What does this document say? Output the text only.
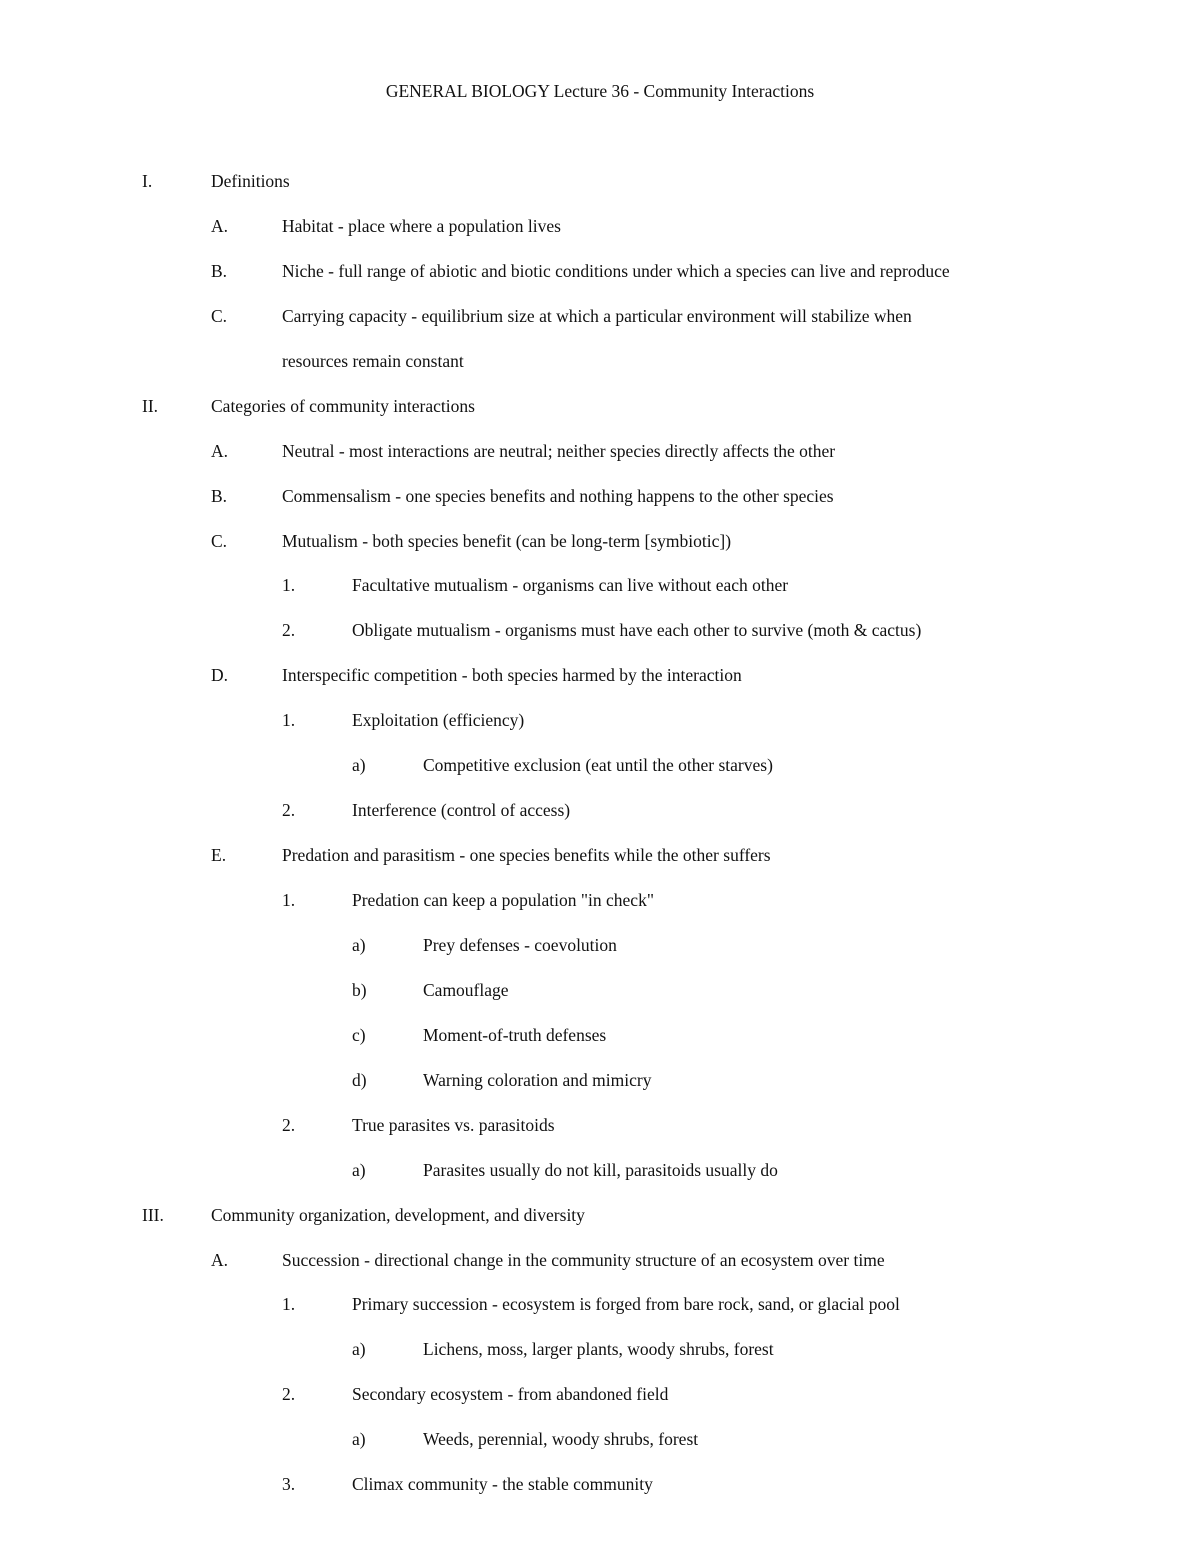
GENERAL BIOLOGY Lecture 36 - Community Interactions
I.	Definitions
A.	Habitat - place where a population lives
B.	Niche - full range of abiotic and biotic conditions under which a species can live and reproduce
C.	Carrying capacity - equilibrium size at which a particular environment will stabilize when
resources remain constant
II.	Categories of community interactions
A.	Neutral - most interactions are neutral; neither species directly affects the other
B.	Commensalism - one species benefits and nothing happens to the other species
C.	Mutualism - both species benefit (can be long-term [symbiotic])
1.	Facultative mutualism - organisms can live without each other
2.	Obligate mutualism - organisms must have each other to survive (moth & cactus)
D.	Interspecific competition - both species harmed by the interaction
1.	Exploitation (efficiency)
a)	Competitive exclusion (eat until the other starves)
2.	Interference (control of access)
E.	Predation and parasitism - one species benefits while the other suffers
1.	Predation can keep a population "in check"
a)	Prey defenses - coevolution
b)	Camouflage
c)	Moment-of-truth defenses
d)	Warning coloration and mimicry
2.	True parasites vs. parasitoids
a)	Parasites usually do not kill, parasitoids usually do
III.	Community organization, development, and diversity
A.	Succession - directional change in the community structure of an ecosystem over time
1.	Primary succession - ecosystem is forged from bare rock, sand, or glacial pool
a)	Lichens, moss, larger plants, woody shrubs, forest
2.	Secondary ecosystem - from abandoned field
a)	Weeds, perennial, woody shrubs, forest
3.	Climax community - the stable community
